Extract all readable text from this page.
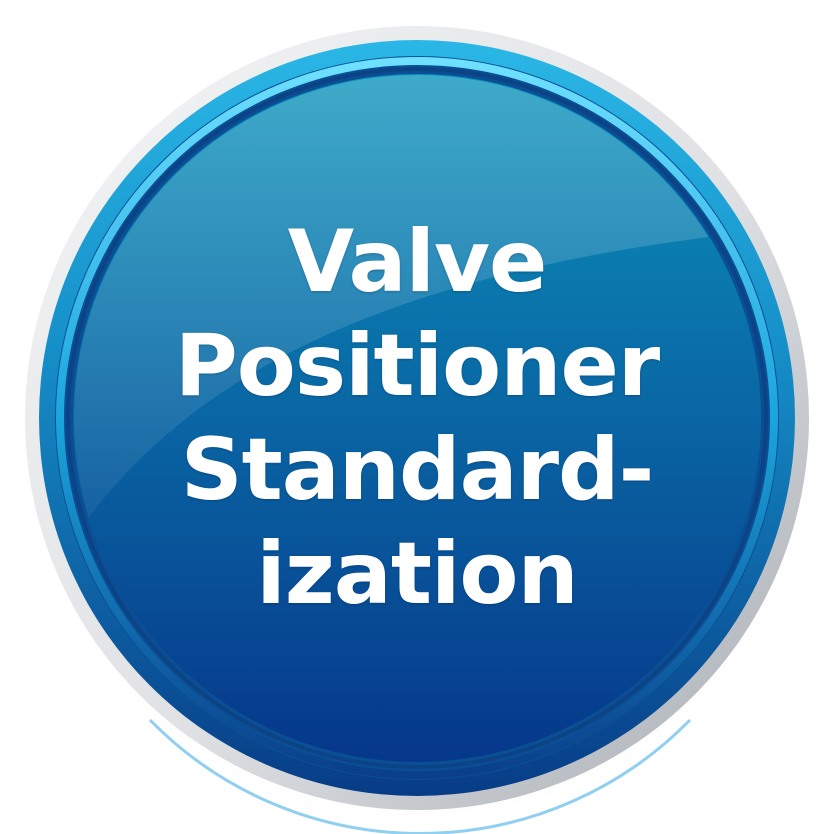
Valve
Positioner
Standard-
ization
